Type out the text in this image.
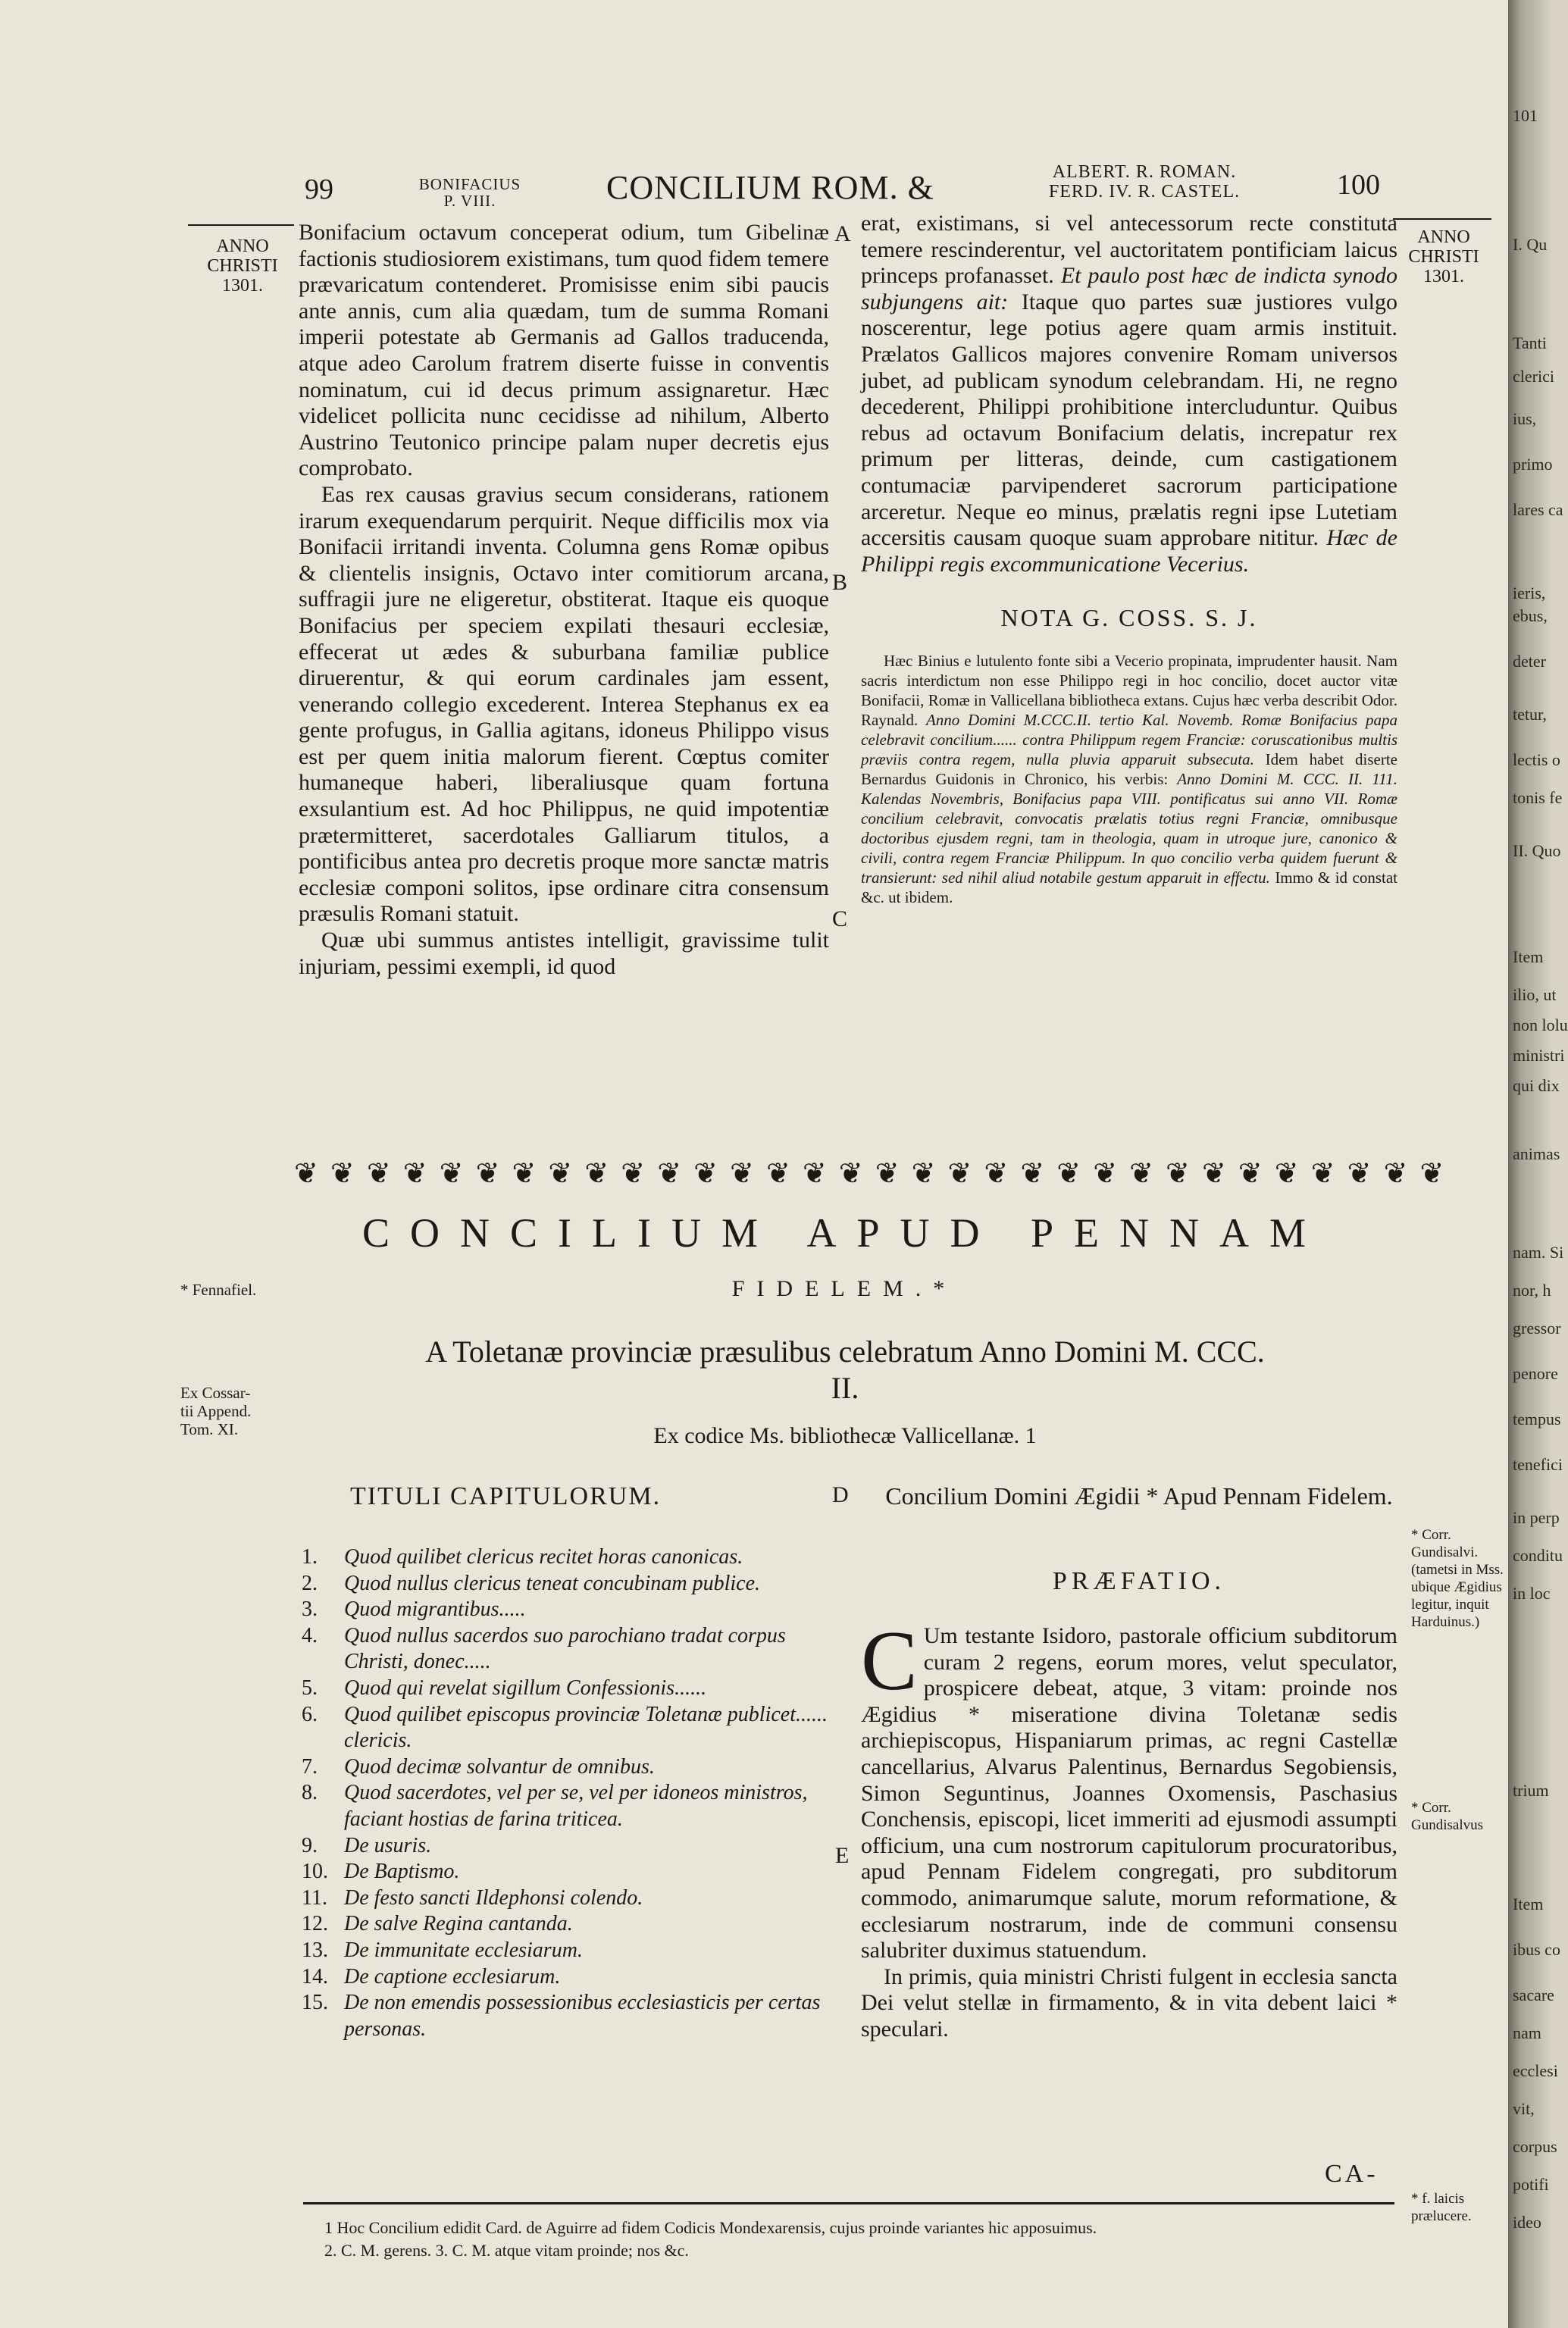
99	BONIFACIUS
P. VIII.	CONCILIUM ROM. &	ALBERT. R. ROMAN.
FERD. IV. R. CASTEL.	100
ANNO
CHRISTI
1301.
ANNO
CHRISTI
1301.

Bonifacium octavum conceperat odium, tum Gibelinæ factionis studiosiorem existimans, tum quod fidem temere prævaricatum contenderet. Promisisse enim sibi paucis ante annis, cum alia quædam, tum de summa Romani imperii potestate ab Germanis ad Gallos traducenda, atque adeo Carolum fratrem diserte fuisse in conventis nominatum, cui id decus primum assignaretur. Hæc videlicet pollicita nunc cecidisse ad nihilum, Alberto Austrino Teutonico principe palam nuper decretis ejus comprobato.

Eas rex causas gravius secum considerans, rationem irarum exequendarum perquirit. Neque difficilis mox via Bonifacii irritandi inventa. Columna gens Romæ opibus & clientelis insignis, Octavo inter comitiorum arcana, suffragii jure ne eligeretur, obstiterat. Itaque eis quoque Bonifacius per speciem expilati thesauri ecclesiæ, effecerat ut ædes & suburbana familiæ publice diruerentur, & qui eorum cardinales jam essent, venerando collegio excederent. Interea Stephanus ex ea gente profugus, in Gallia agitans, idoneus Philippo visus est per quem initia malorum fierent. Cœptus comiter humaneque haberi, liberaliusque quam fortuna exsulantium est. Ad hoc Philippus, ne quid impotentiæ prætermitteret, sacerdotales Galliarum titulos, a pontificibus antea pro decretis proque more sanctæ matris ecclesiæ componi solitos, ipse ordinare citra consensum præsulis Romani statuit.

Quæ ubi summus antistes intelligit, gravissime tulit injuriam, pessimi exempli, id quod

A
B
C
D
E

erat, existimans, si vel antecessorum recte constituta temere rescinderentur, vel auctoritatem pontificiam laicus princeps profanasset. Et paulo post hæc de indicta synodo subjungens ait: Itaque quo partes suæ justiores vulgo noscerentur, lege potius agere quam armis instituit. Prælatos Gallicos majores convenire Romam universos jubet, ad publicam synodum celebrandam. Hi, ne regno decederent, Philippi prohibitione intercluduntur. Quibus rebus ad octavum Bonifacium delatis, increpatur rex primum per litteras, deinde, cum castigationem contumaciæ parvipenderet sacrorum participatione arceretur. Neque eo minus, prælatis regni ipse Lutetiam accersitis causam quoque suam approbare nititur. Hæc de Philippi regis excommunicatione Vecerius.

NOTA G. COSS. S. J.

Hæc Binius e lutulento fonte sibi a Vecerio propinata, imprudenter hausit. Nam sacris interdictum non esse Philippo regi in hoc concilio, docet auctor vitæ Bonifacii, Romæ in Vallicellana bibliotheca extans. Cujus hæc verba describit Odor. Raynald. Anno Domini M.CCC.II. tertio Kal. Novemb. Romæ Bonifacius papa celebravit concilium...... contra Philippum regem Franciæ: coruscationibus multis præviis contra regem, nulla pluvia apparuit subsecuta. Idem habet diserte Bernardus Guidonis in Chronico, his verbis: Anno Domini M. CCC. II. 111. Kalendas Novembris, Bonifacius papa VIII. pontificatus sui anno VII. Romæ concilium celebravit, convocatis prælatis totius regni Franciæ, omnibusque doctoribus ejusdem regni, tam in theologia, quam in utroque jure, canonico & civili, contra regem Franciæ Philippum. In quo concilio verba quidem fuerunt & transierunt: sed nihil aliud notabile gestum apparuit in effectu. Immo & id constat &c. ut ibidem.

❦ ❦ ❦ ❦ ❦ ❦ ❦ ❦ ❦ ❦ ❦ ❦ ❦ ❦ ❦ ❦ ❦ ❦ ❦ ❦ ❦ ❦ ❦ ❦ ❦ ❦ ❦ ❦ ❦ ❦ ❦ ❦
CONCILIUM APUD PENNAM
FIDELEM.*
A Toletanæ provinciæ præsulibus celebratum Anno Domini M. CCC. II.
Ex codice Ms. bibliothecæ Vallicellanæ. 1
* Fennafiel.
Ex Cossar-
tii Append.
Tom. XI.
TITULI CAPITULORUM.
1.	Quod quilibet clericus recitet horas canonicas.
2.	Quod nullus clericus teneat concubinam publice.
3.	Quod migrantibus.....
4.	Quod nullus sacerdos suo parochiano tradat corpus Christi, donec.....
5.	Quod qui revelat sigillum Confessionis......
6.	Quod quilibet episcopus provinciæ Toletanæ publicet...... clericis.
7.	Quod decimæ solvantur de omnibus.
8.	Quod sacerdotes, vel per se, vel per idoneos ministros, faciant hostias de farina triticea.
9.	De usuris.
10. De Baptismo.
11. De festo sancti Ildephonsi colendo.
12. De salve Regina cantanda.
13. De immunitate ecclesiarum.
14. De captione ecclesiarum.
15. De non emendis possessionibus ecclesiasticis per certas personas.
Concilium Domini Ægidii * Apud Pennam Fidelem.
PRÆFATIO.

C Um testante Isidoro, pastorale officium subditorum curam 2 regens, eorum mores, velut speculator, prospicere debeat, atque, 3 vitam: proinde nos Ægidius * miseratione divina Toletanæ sedis archiepiscopus, Hispaniarum primas, ac regni Castellæ cancellarius, Alvarus Palentinus, Bernardus Segobiensis, Simon Seguntinus, Joannes Oxomensis, Paschasius Conchensis, episcopi, licet immeriti ad ejusmodi assumpti officium, una cum nostrorum capitulorum procuratoribus, apud Pennam Fidelem congregati, pro subditorum commodo, animarumque salute, morum reformatione, & ecclesiarum nostrarum, inde de communi consensu salubriter duximus statuendum.

In primis, quia ministri Christi fulgent in ecclesia sancta Dei velut stellæ in firmamento, & in vita debent laici * speculari.

CA-
* Corr. Gundisalvi. (tametsi in Mss. ubique Ægidius legitur, inquit Harduinus.)
* Corr. Gundisalvus
* f. laicis prælucere.

1 Hoc Concilium edidit Card. de Aguirre ad fidem Codicis Mondexarensis, cujus proinde variantes hic apposuimus.

2. C. M. gerens. 3. C. M. atque vitam proinde; nos &c.

101
I. Qu
Tanti
clerici
ius,
primo
lares ca
ieris,
ebus,
deter
tetur,
lectis o
tonis fe
II. Quo
Item
ilio, ut
non lolu
ministri
qui dix
animas
nam. Si
nor, h
gressor
penore
tempus
tenefici
in perp
conditu
in loc
trium
Item
ibus co
sacare
nam
ecclesi
vit,
corpus
potifi
ideo
